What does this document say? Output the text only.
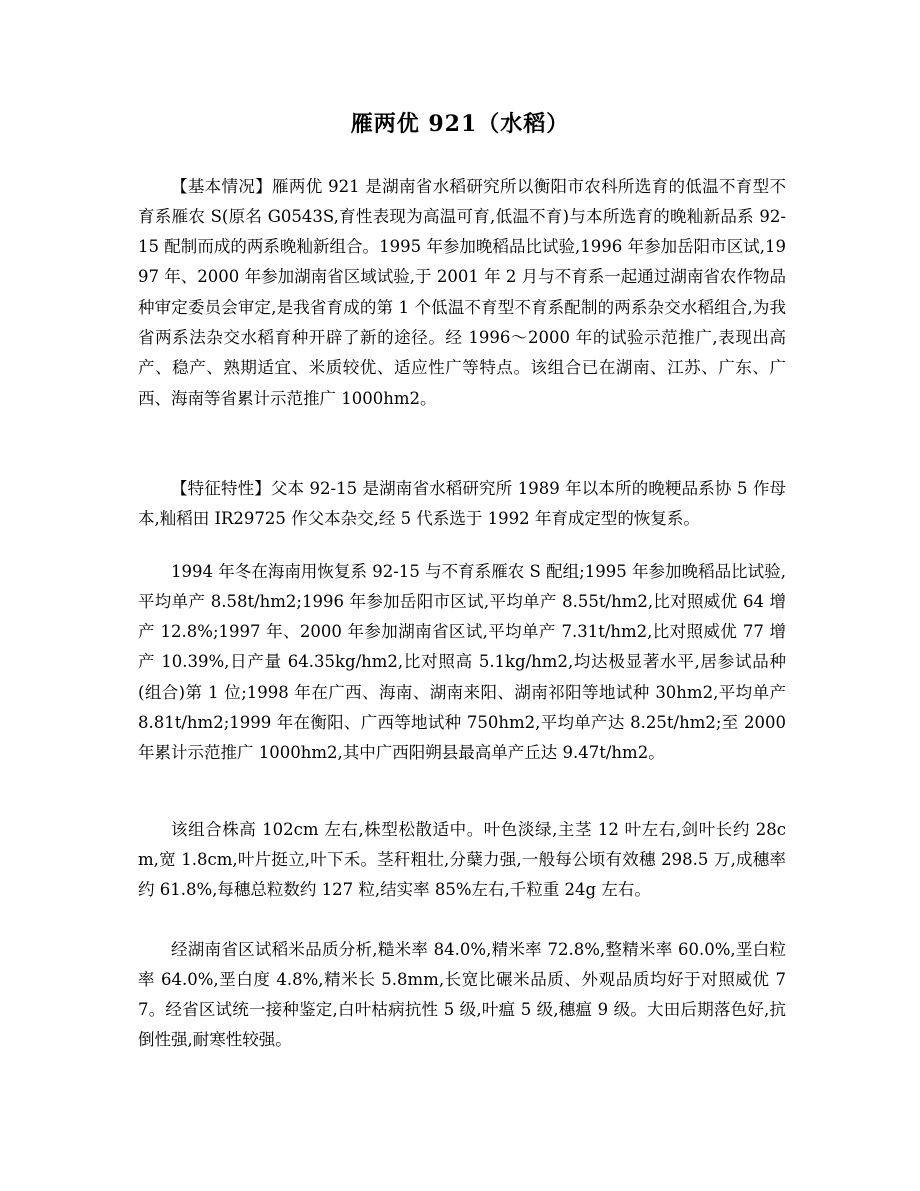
雁两优 921（水稻）

【基本情况】雁两优 921 是湖南省水稻研究所以衡阳市农科所选育的低温不育型不育系雁农 S(原名 G0543S,育性表现为高温可育,低温不育)与本所选育的晚籼新品系 92-15 配制而成的两系晚籼新组合。1995 年参加晚稻品比试验,1996 年参加岳阳市区试,1997 年、2000 年参加湖南省区域试验,于 2001 年 2 月与不育系一起通过湖南省农作物品种审定委员会审定,是我省育成的第 1 个低温不育型不育系配制的两系杂交水稻组合,为我省两系法杂交水稻育种开辟了新的途径。经 1996～2000 年的试验示范推广,表现出高产、稳产、熟期适宜、米质较优、适应性广等特点。该组合已在湖南、江苏、广东、广西、海南等省累计示范推广 1000hm2。

【特征特性】父本 92-15 是湖南省水稻研究所 1989 年以本所的晚粳品系协 5 作母本,籼稻田 IR29725 作父本杂交,经 5 代系选于 1992 年育成定型的恢复系。

1994 年冬在海南用恢复系 92-15 与不育系雁农 S 配组;1995 年参加晚稻品比试验,平均单产 8.58t/hm2;1996 年参加岳阳市区试,平均单产 8.55t/hm2,比对照威优 64 增产 12.8%;1997 年、2000 年参加湖南省区试,平均单产 7.31t/hm2,比对照威优 77 增产 10.39%,日产量 64.35kg/hm2,比对照高 5.1kg/hm2,均达极显著水平,居参试品种(组合)第 1 位;1998 年在广西、海南、湖南来阳、湖南祁阳等地试种 30hm2,平均单产 8.81t/hm2;1999 年在衡阳、广西等地试种 750hm2,平均单产达 8.25t/hm2;至 2000 年累计示范推广 1000hm2,其中广西阳朔县最高单产丘达 9.47t/hm2。

该组合株高 102cm 左右,株型松散适中。叶色淡绿,主茎 12 叶左右,剑叶长约 28cm,宽 1.8cm,叶片挺立,叶下禾。茎秆粗壮,分蘖力强,一般每公顷有效穗 298.5 万,成穗率约 61.8%,每穗总粒数约 127 粒,结实率 85%左右,千粒重 24g 左右。

经湖南省区试稻米品质分析,糙米率 84.0%,精米率 72.8%,整精米率 60.0%,垩白粒率 64.0%,垩白度 4.8%,精米长 5.8mm,长宽比碾米品质、外观品质均好于对照威优 77。经省区试统一接种鉴定,白叶枯病抗性 5 级,叶瘟 5 级,穗瘟 9 级。大田后期落色好,抗倒性强,耐寒性较强。
